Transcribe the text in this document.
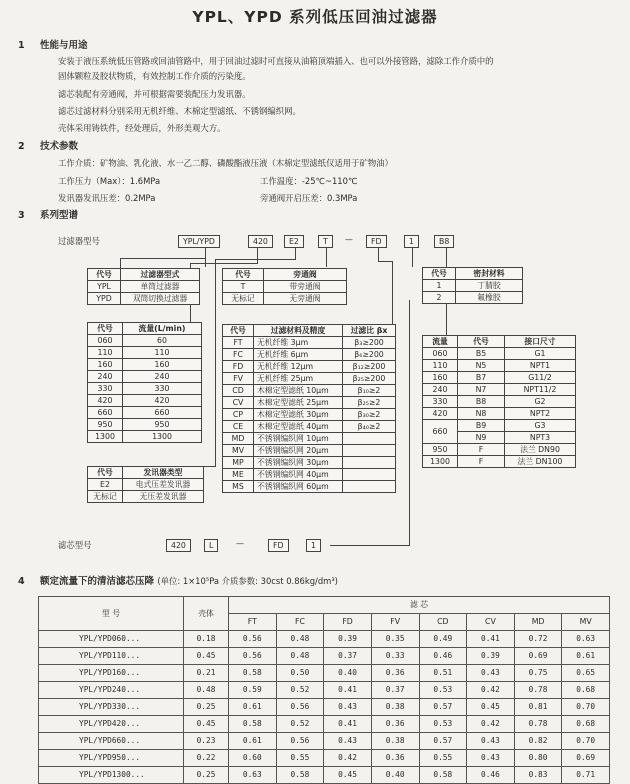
YPL、YPD 系列低压回油过滤器
1 性能与用途
安装于液压系统低压管路或回油管路中，用于回油过滤时可直接从油箱顶端插入、也可以外接管路，滤除工作介质中的
固体颗粒及胶状物质，有效控制工作介质的污染度。
滤芯装配有旁通阀，并可根据需要装配压力发讯器。
滤芯过滤材料分别采用无机纤维、木棉定型滤纸、不锈钢编织网。
壳体采用铸铁件，经处理后，外形美观大方。
2 技术参数
工作介质：矿物油、乳化液、水一乙二醇、磷酸酯液压液（木棉定型滤纸仅适用于矿物油）
工作压力（Max）：1.6MPa	工作温度：-25℃~110℃
发讯器发讯压差：0.2MPa	旁通阀开启压差：0.3MPa
3 系列型谱
过滤器型号	YPL/YPD	420	E2	T	—	FD	1	B8
代号	过滤器型式
YPL	单筒过滤器
YPD	双筒切换过滤器
代号	流量(L/min)
060	60
110	110
160	160
240	240
330	330
420	420
660	660
950	950
1300	1300
代号	发讯器类型
E2	电式压差发讯器
无标记	无压差发讯器
代号	旁通阀
T	带旁通阀
无标记	无旁通阀
代号	过滤材料及精度	过滤比 βx
FT	无机纤维 3μm	β₃≥200
FC	无机纤维 6μm	β₆≥200
FD	无机纤维 12μm	β₁₂≥200
FV	无机纤维 25μm	β₂₅≥200
CD	木棉定型滤纸 10μm	β₁₀≥2
CV	木棉定型滤纸 25μm	β₂₅≥2
CP	木棉定型滤纸 30μm	β₃₀≥2
CE	木棉定型滤纸 40μm	β₄₀≥2
MD	不锈钢编织网 10μm	
MV	不锈钢编织网 20μm	
MP	不锈钢编织网 30μm	
ME	不锈钢编织网 40μm	
MS	不锈钢编织网 60μm	
代号	密封材料
1	丁腈胶
2	氟橡胶
流量	代号	接口尺寸
060	B5	G1
110	N5	NPT1
160	B7	G11/2
240	N7	NPT11/2
330	B8	G2
420	N8	NPT2
660	B9	G3
	N9	NPT3
950	F	法兰 DN90
1300	F	法兰 DN100
滤芯型号	420	L	—	FD	1
4 额定流量下的清洁滤芯压降 (单位: 1×10⁵Pa 介质参数: 30cst 0.86kg/dm³)
型 号	壳体	滤 芯							
		FT	FC	FD	FV	CD	CV	MD	MV
YPL/YPD060...	0.18	0.56	0.48	0.39	0.35	0.49	0.41	0.72	0.63
YPL/YPD110...	0.45	0.56	0.48	0.37	0.33	0.46	0.39	0.69	0.61
YPL/YPD160...	0.21	0.58	0.50	0.40	0.36	0.51	0.43	0.75	0.65
YPL/YPD240...	0.48	0.59	0.52	0.41	0.37	0.53	0.42	0.78	0.68
YPL/YPD330...	0.25	0.61	0.56	0.43	0.38	0.57	0.45	0.81	0.70
YPL/YPD420...	0.45	0.58	0.52	0.41	0.36	0.53	0.42	0.78	0.68
YPL/YPD660...	0.23	0.61	0.56	0.43	0.38	0.57	0.43	0.82	0.70
YPL/YPD950...	0.22	0.60	0.55	0.42	0.36	0.55	0.43	0.80	0.69
YPL/YPD1300...	0.25	0.63	0.58	0.45	0.40	0.58	0.46	0.83	0.71
